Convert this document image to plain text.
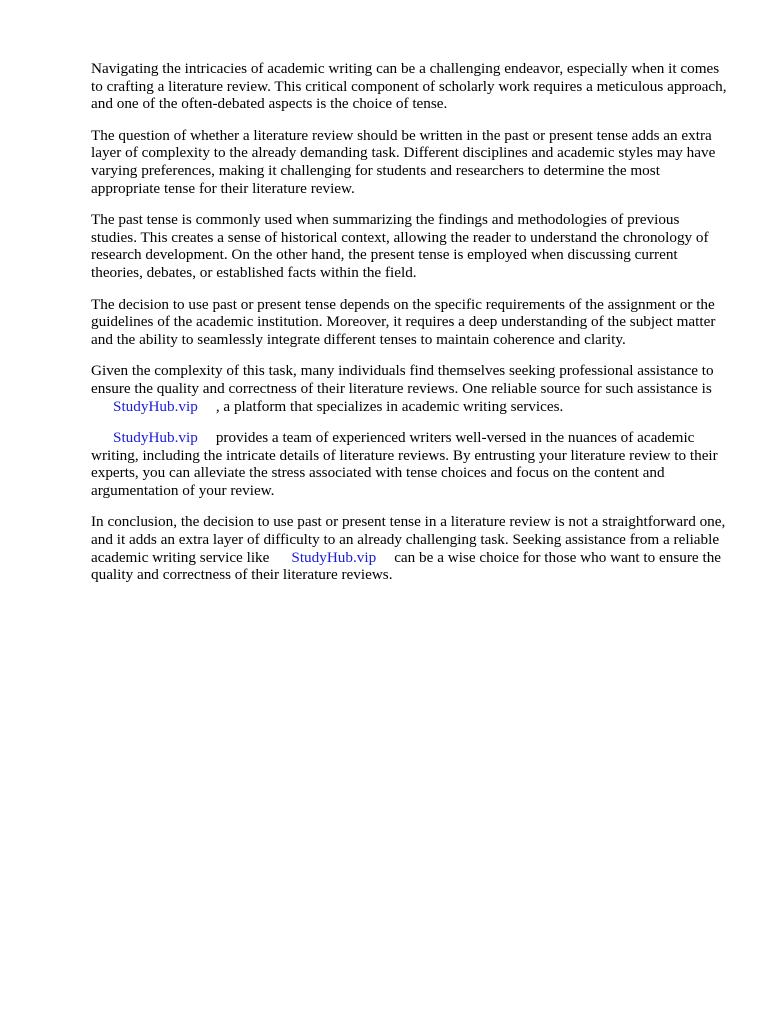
Navigating the intricacies of academic writing can be a challenging endeavor, especially when it comes to crafting a literature review. This critical component of scholarly work requires a meticulous approach, and one of the often-debated aspects is the choice of tense.

The question of whether a literature review should be written in the past or present tense adds an extra layer of complexity to the already demanding task. Different disciplines and academic styles may have varying preferences, making it challenging for students and researchers to determine the most appropriate tense for their literature review.

The past tense is commonly used when summarizing the findings and methodologies of previous studies. This creates a sense of historical context, allowing the reader to understand the chronology of research development. On the other hand, the present tense is employed when discussing current theories, debates, or established facts within the field.

The decision to use past or present tense depends on the specific requirements of the assignment or the guidelines of the academic institution. Moreover, it requires a deep understanding of the subject matter and the ability to seamlessly integrate different tenses to maintain coherence and clarity.

Given the complexity of this task, many individuals find themselves seeking professional assistance to ensure the quality and correctness of their literature reviews. One reliable source for such assistance isStudyHub.vip , a platform that specializes in academic writing services.

StudyHub.vip provides a team of experienced writers well-versed in the nuances of academic writing, including the intricate details of literature reviews. By entrusting your literature review to their experts, you can alleviate the stress associated with tense choices and focus on the content and argumentation of your review.

In conclusion, the decision to use past or present tense in a literature review is not a straightforward one, and it adds an extra layer of difficulty to an already challenging task. Seeking assistance from a reliable academic writing service like StudyHub.vip can be a wise choice for those who want to ensure the quality and correctness of their literature reviews.
